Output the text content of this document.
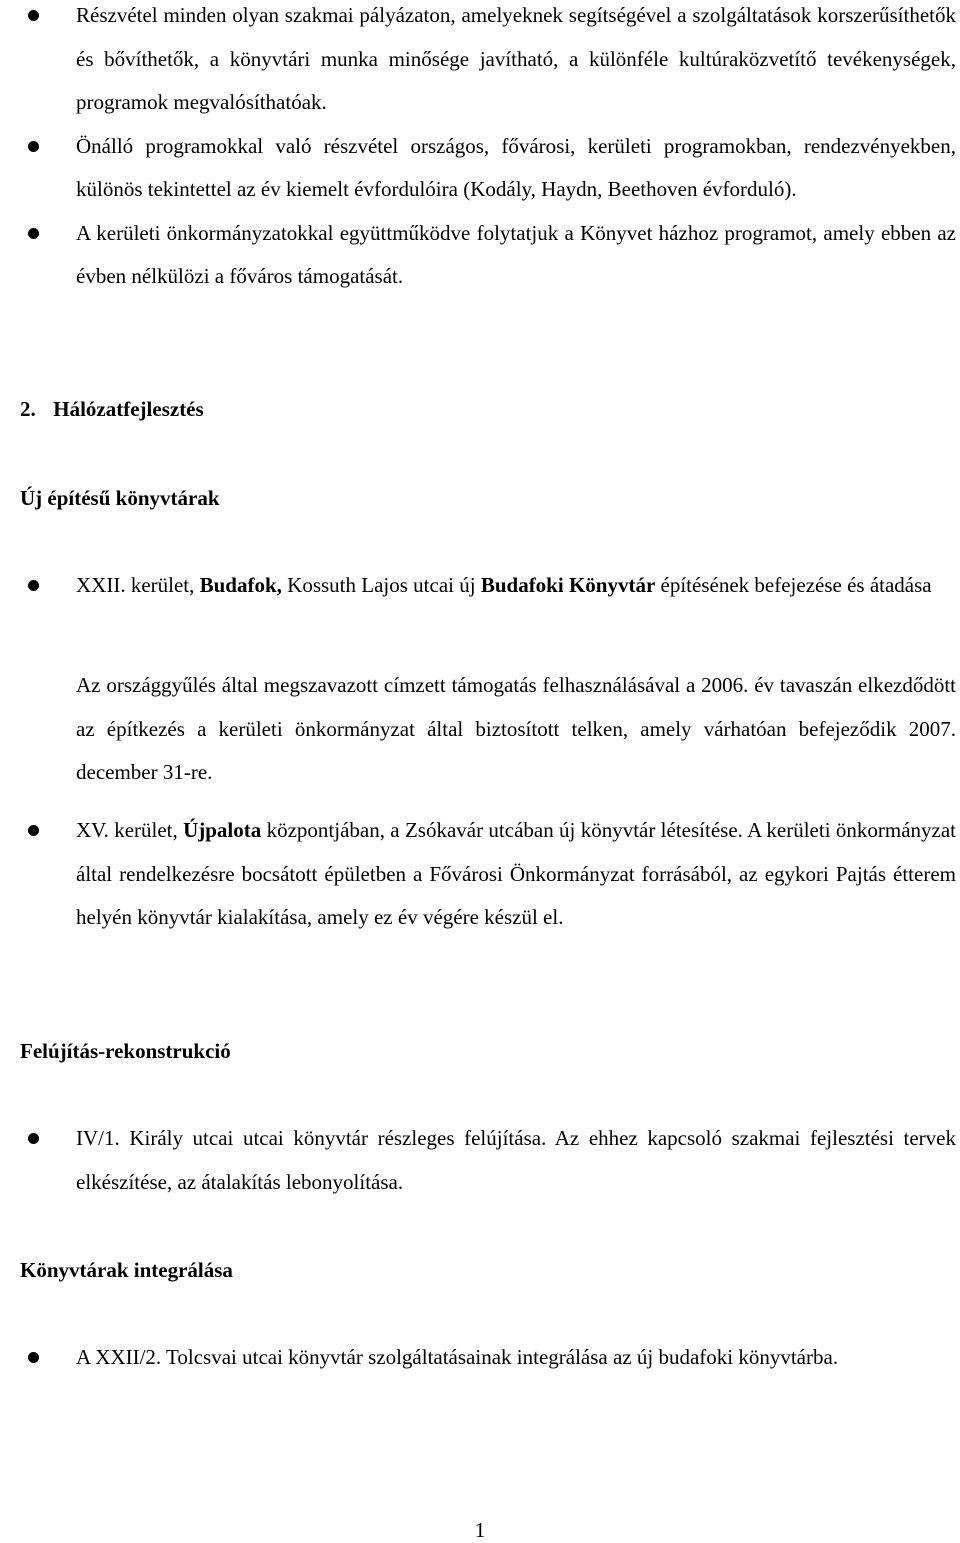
Részvétel minden olyan szakmai pályázaton, amelyeknek segítségével a szolgáltatások korszerűsíthetők és bővíthetők, a könyvtári munka minősége javítható, a különféle kultúraközvetítő tevékenységek, programok megvalósíthatóak.
Önálló programokkal való részvétel országos, fővárosi, kerületi programokban, rendezvényekben, különös tekintettel az év kiemelt évfordulóira (Kodály, Haydn, Beethoven évforduló).
A kerületi önkormányzatokkal együttműködve folytatjuk a Könyvet házhoz programot, amely ebben az évben nélkülözi a főváros támogatását.
2. Hálózatfejlesztés
Új építésű könyvtárak
XXII. kerület, Budafok, Kossuth Lajos utcai új Budafoki Könyvtár építésének befejezése és átadása
Az országgyűlés által megszavazott címzett támogatás felhasználásával a 2006. év tavaszán elkezdődött az építkezés a kerületi önkormányzat által biztosított telken, amely várhatóan befejeződik 2007. december 31-re.
XV. kerület, Újpalota központjában, a Zsókavár utcában új könyvtár létesítése. A kerületi önkormányzat által rendelkezésre bocsátott épületben a Fővárosi Önkormányzat forrásából, az egykori Pajtás étterem helyén könyvtár kialakítása, amely ez év végére készül el.
Felújítás-rekonstrukció
IV/1. Király utcai utcai könyvtár részleges felújítása. Az ehhez kapcsoló szakmai fejlesztési tervek elkészítése, az átalakítás lebonyolítása.
Könyvtárak integrálása
A XXII/2. Tolcsvai utcai könyvtár szolgáltatásainak integrálása az új budafoki könyvtárba.
1
